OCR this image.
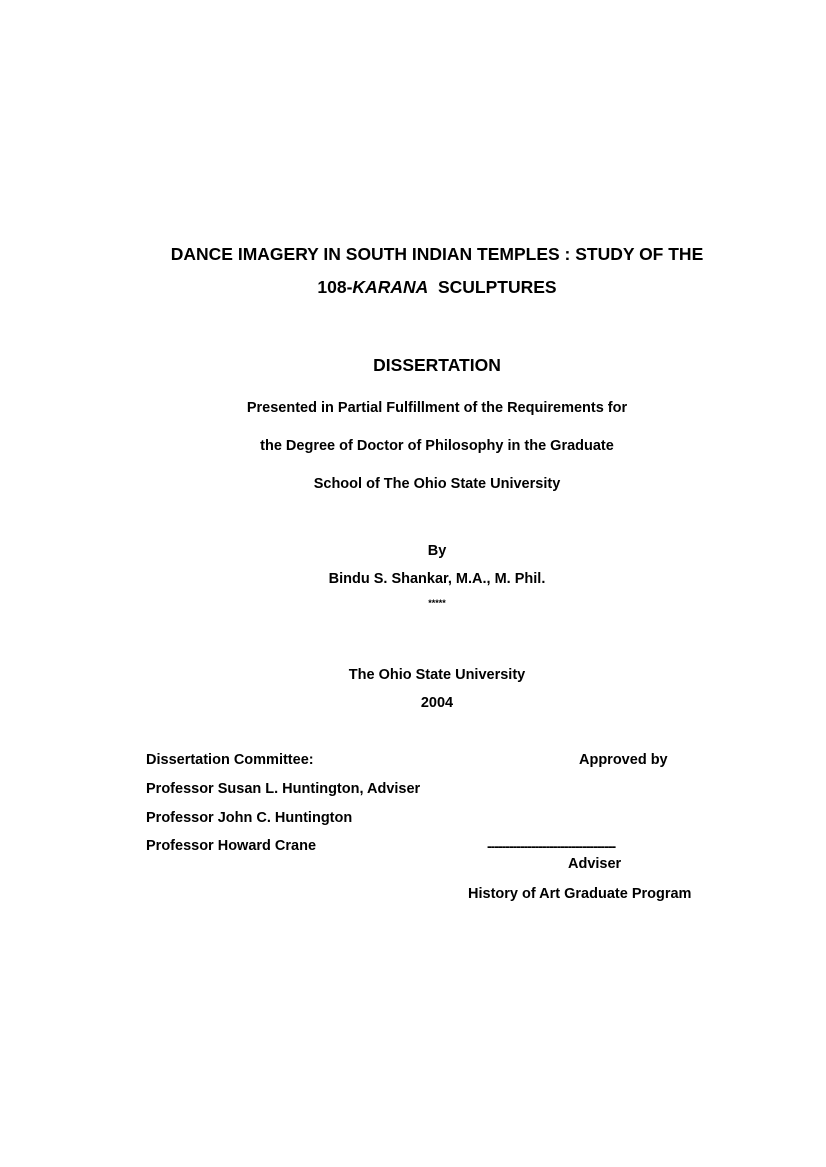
DANCE IMAGERY IN SOUTH INDIAN TEMPLES : STUDY OF THE
108-KARANA SCULPTURES
DISSERTATION
Presented in Partial Fulfillment of the Requirements for
the Degree of Doctor of Philosophy in the Graduate
School of The Ohio State University
By
Bindu S. Shankar, M.A., M. Phil.
*****
The Ohio State University
2004
Dissertation Committee:
Professor Susan L. Huntington, Adviser
Professor John C. Huntington
Professor Howard Crane
Approved by
-----------------------------------
Adviser
History of Art Graduate Program
